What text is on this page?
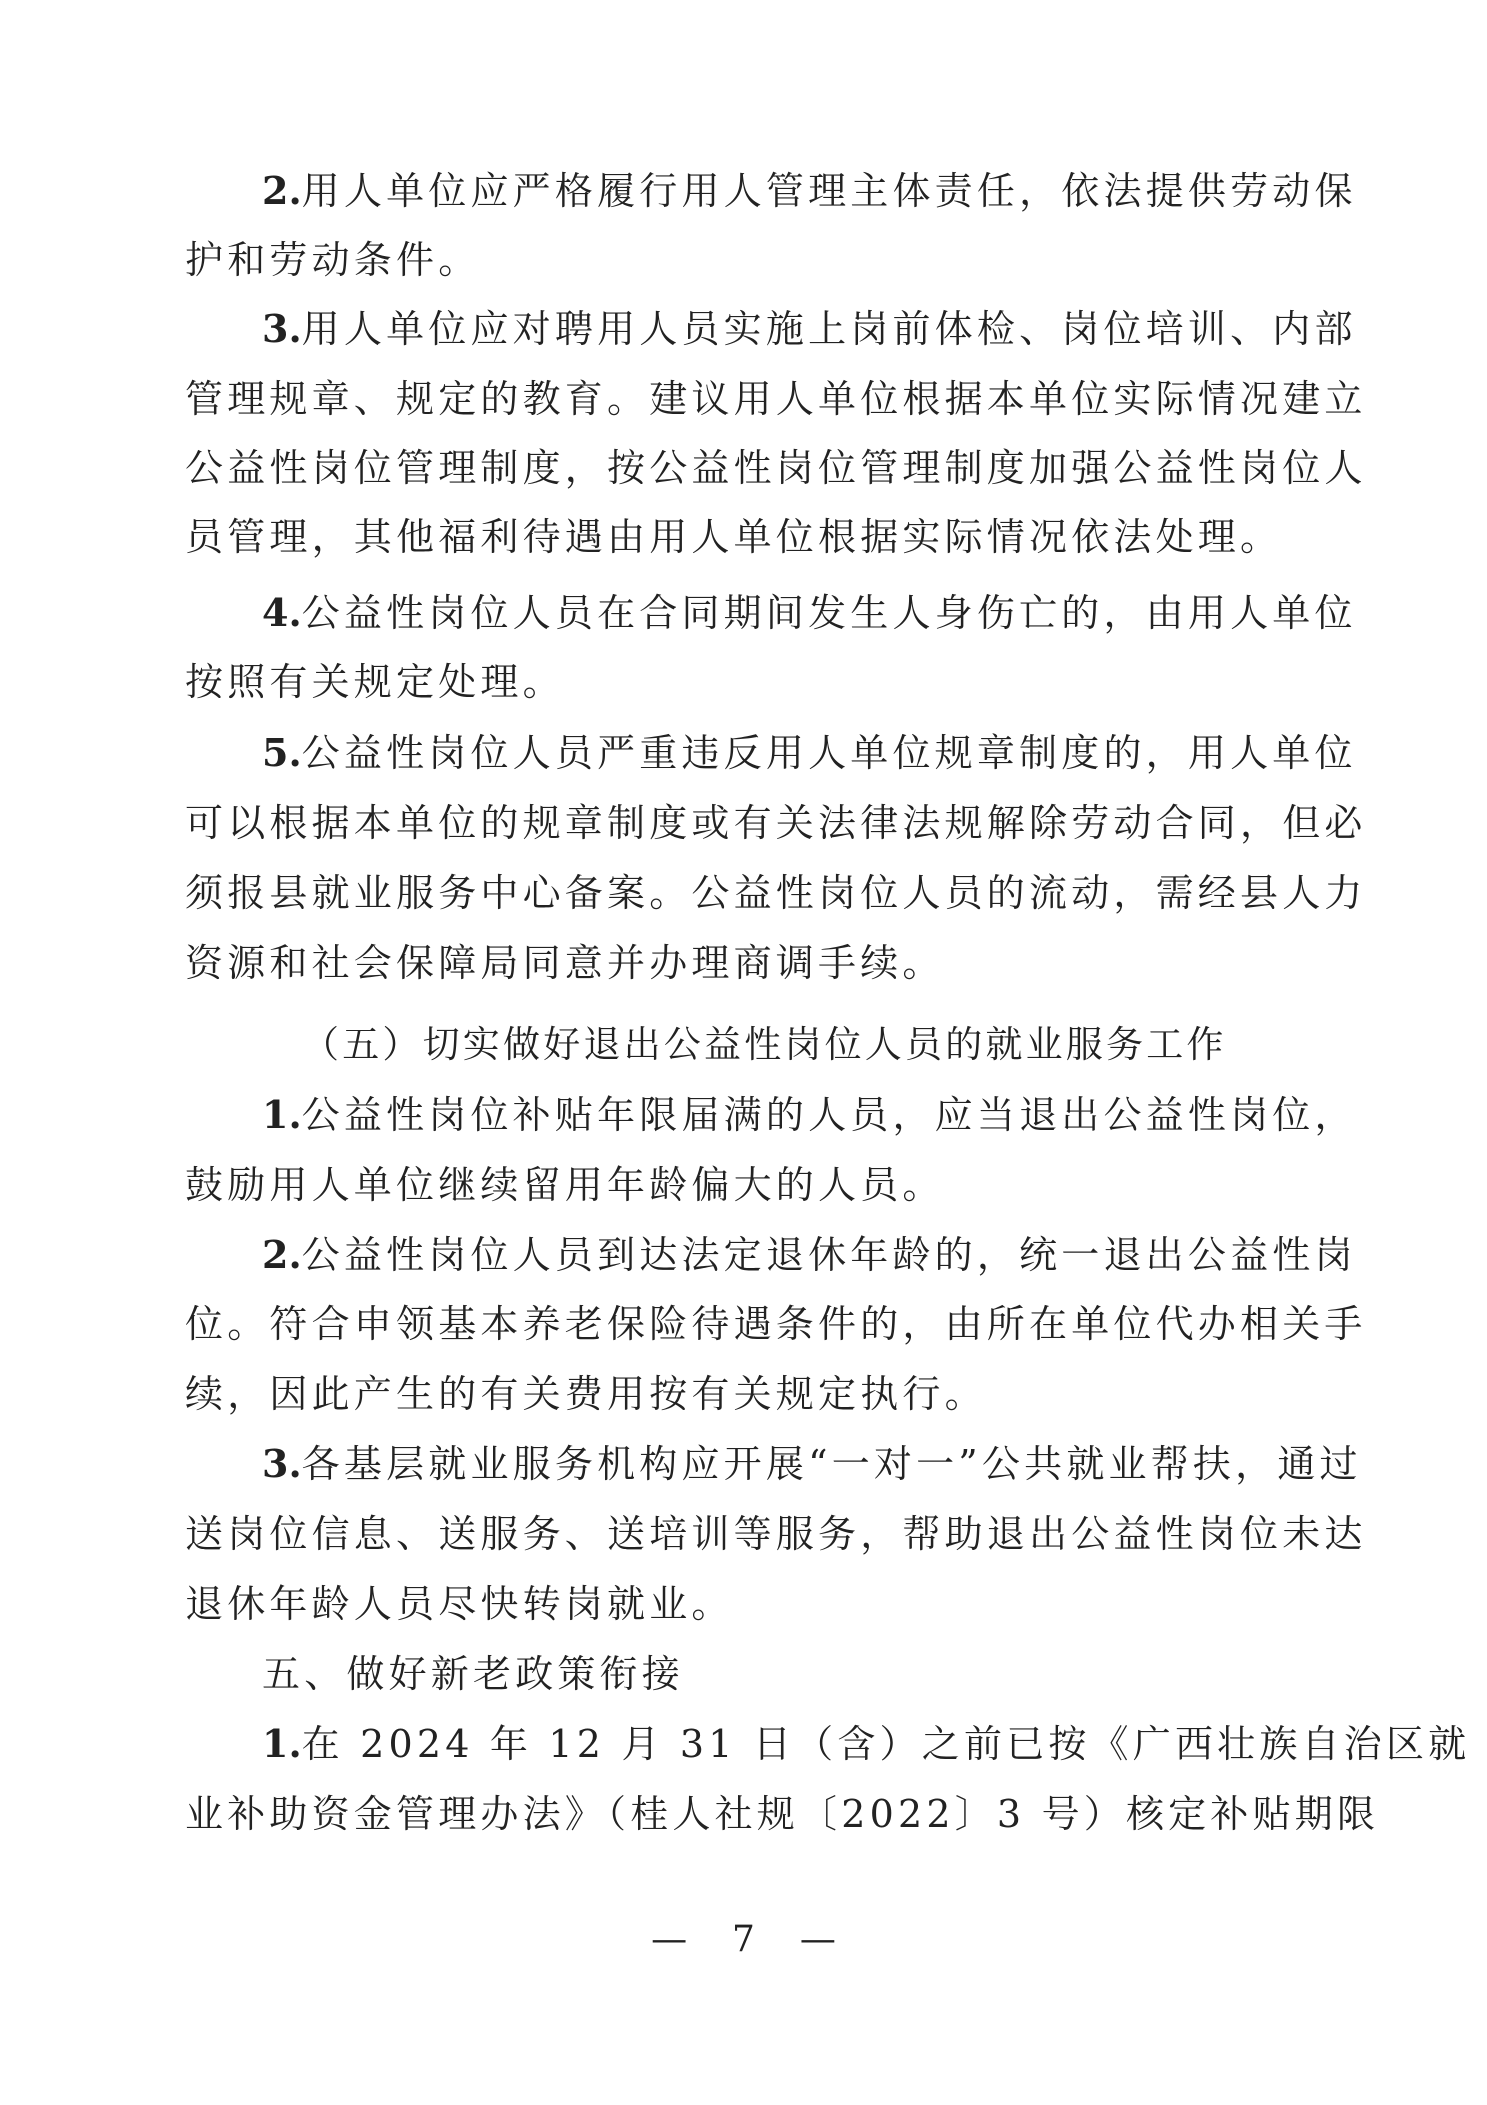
2.用人单位应严格履行用人管理主体责任，依法提供劳动保
护和劳动条件。
3.用人单位应对聘用人员实施上岗前体检、岗位培训、内部
管理规章、规定的教育。建议用人单位根据本单位实际情况建立
公益性岗位管理制度，按公益性岗位管理制度加强公益性岗位人
员管理，其他福利待遇由用人单位根据实际情况依法处理。
4.公益性岗位人员在合同期间发生人身伤亡的，由用人单位
按照有关规定处理。
5.公益性岗位人员严重违反用人单位规章制度的，用人单位
可以根据本单位的规章制度或有关法律法规解除劳动合同，但必
须报县就业服务中心备案。公益性岗位人员的流动，需经县人力
资源和社会保障局同意并办理商调手续。
（五）切实做好退出公益性岗位人员的就业服务工作
1.公益性岗位补贴年限届满的人员，应当退出公益性岗位，
鼓励用人单位继续留用年龄偏大的人员。
2.公益性岗位人员到达法定退休年龄的，统一退出公益性岗
位。符合申领基本养老保险待遇条件的，由所在单位代办相关手
续，因此产生的有关费用按有关规定执行。
3.各基层就业服务机构应开展“一对一”公共就业帮扶，通过
送岗位信息、送服务、送培训等服务，帮助退出公益性岗位未达
退休年龄人员尽快转岗就业。
五、做好新老政策衔接
1.在 2024 年 12 月 31 日（含）之前已按《广西壮族自治区就
业补助资金管理办法》（桂人社规〔2022〕3 号）核定补贴期限
— 7 —
